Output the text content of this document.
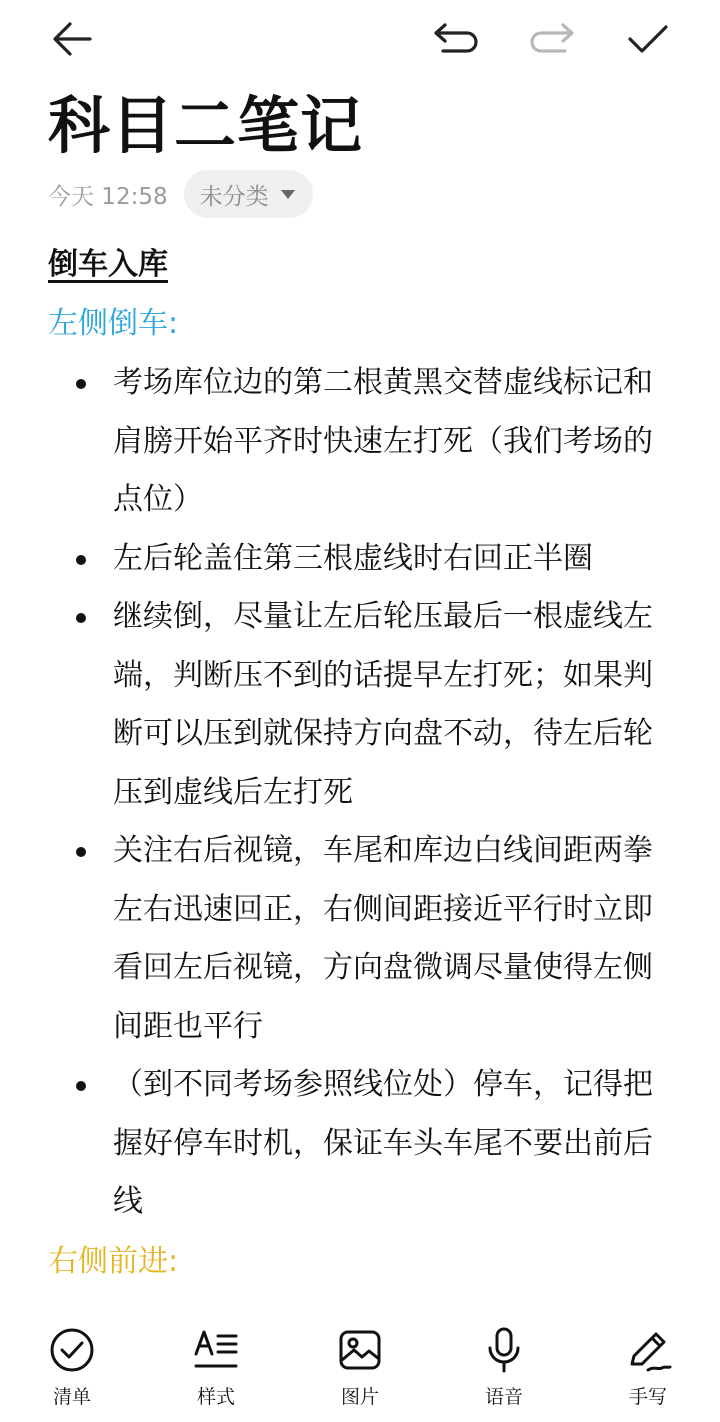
科目二笔记
今天 12:58 未分类
倒车入库
左侧倒车:
考场库位边的第二根黄黑交替虚线标记和肩膀开始平齐时快速左打死（我们考场的点位）
左后轮盖住第三根虚线时右回正半圈
继续倒，尽量让左后轮压最后一根虚线左端，判断压不到的话提早左打死；如果判断可以压到就保持方向盘不动，待左后轮压到虚线后左打死
关注右后视镜，车尾和库边白线间距两拳左右迅速回正，右侧间距接近平行时立即看回左后视镜，方向盘微调尽量使得左侧间距也平行
（到不同考场参照线位处）停车，记得把握好停车时机，保证车头车尾不要出前后线
右侧前进:
清单	样式	图片	语音	手写
